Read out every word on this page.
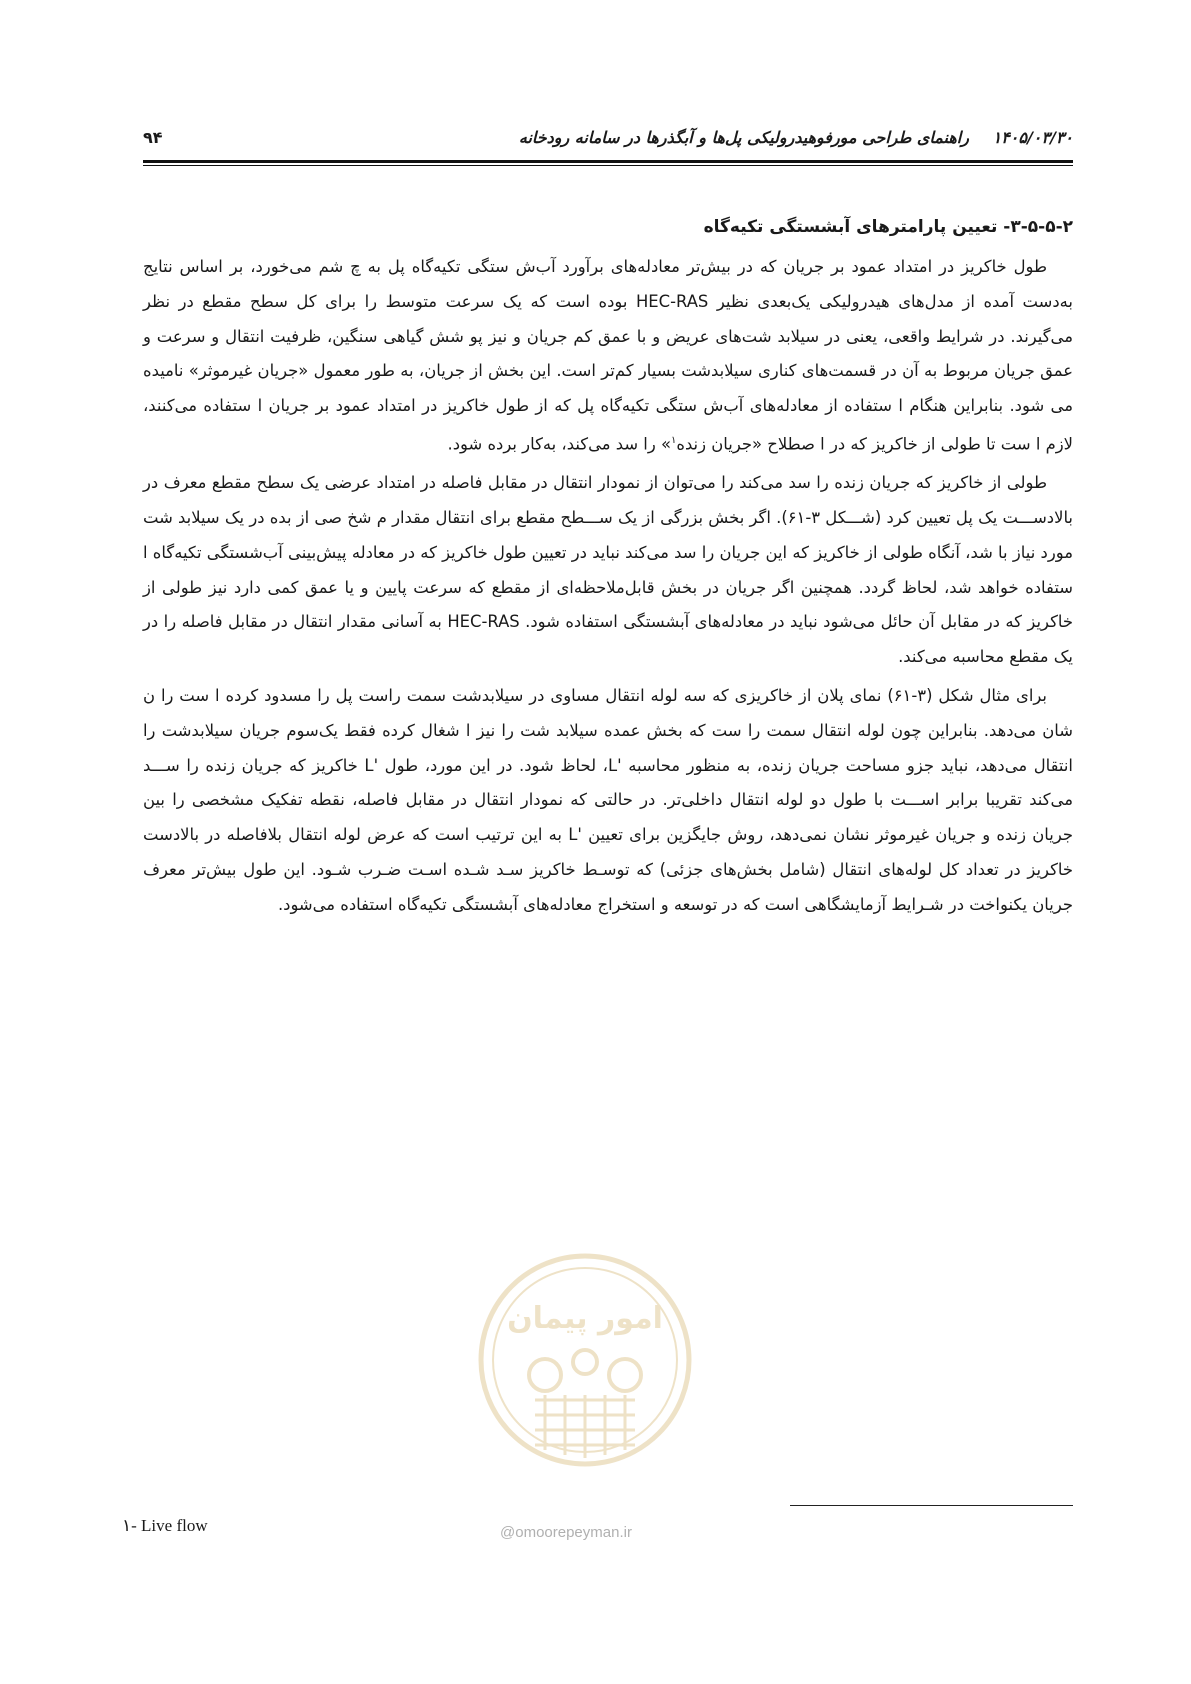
۱۴۰۵/۰۳/۳۰ راهنمای طراحی مورفوهیدرولیکی پل‌ها و آبگذرها در سامانه رودخانه
۹۴
۳-۵-۵-۲- تعیین پارامترهای آبشستگی تکیه‌گاه

طول خاکریز در امتداد عمود بر جریان که در بیش‌تر معادله‌های برآورد آب‌ش ستگی تکیه‌گاه پل به چ شم می‌خورد، بر اساس نتایج به‌دست آمده از مدل‌های هیدرولیکی یک‌بعدی نظیر HEC-RAS بوده است که یک سرعت متوسط را برای کل سطح مقطع در نظر می‌گیرند. در شرایط واقعی، یعنی در سیلابد شت‌های عریض و با عمق کم جریان و نیز پو شش گیاهی سنگین، ظرفیت انتقال و سرعت و عمق جریان مربوط به آن در قسمت‌های کناری سیلابدشت بسیار کم‌تر است. این بخش از جریان، به طور معمول «جریان غیرموثر» نامیده می شود. بنابراین هنگام ا ستفاده از معادله‌های آب‌ش ستگی تکیه‌گاه پل که از طول خاکریز در امتداد عمود بر جریان ا ستفاده می‌کنند، لازم ا ست تا طولی از خاکریز که در ا صطلاح «جریان زنده$^۱$» را سد می‌کند، به‌کار برده شود.

طولی از خاکریز که جریان زنده را سد می‌کند را می‌توان از نمودار انتقال در مقابل فاصله در امتداد عرضی یک سطح مقطع معرف در بالادســـت یک پل تعیین کرد (شـــکل ۳-۶۱). اگر بخش بزرگی از یک ســـطح مقطع برای انتقال مقدار م شخ صی از بده در یک سیلابد شت مورد نیاز با شد، آنگاه طولی از خاکریز که این جریان را سد می‌کند نباید در تعیین طول خاکریز که در معادله پیش‌بینی آب‌شستگی تکیه‌گاه ا ستفاده خواهد شد، لحاظ گردد. همچنین اگر جریان در بخش قابل‌ملاحظه‌ای از مقطع که سرعت پایین و یا عمق کمی دارد نیز طولی از خاکریز که در مقابل آن حائل می‌شود نباید در معادله‌های آبشستگی استفاده شود. HEC-RAS به آسانی مقدار انتقال در مقابل فاصله را در یک مقطع محاسبه می‌کند.

برای مثال شکل (۳-۶۱) نمای پلان از خاکریزی که سه لوله انتقال مساوی در سیلابدشت سمت راست پل را مسدود کرده ا ست را ن شان می‌دهد. بنابراین چون لوله انتقال سمت را ست که بخش عمده سیلابد شت را نیز ا شغال کرده فقط یک‌سوم جریان سیلابدشت را انتقال می‌دهد، نباید جزو مساحت جریان زنده، به منظور محاسبه 'L، لحاظ شود. در این مورد، طول 'L خاکریز که جریان زنده را ســـد می‌کند تقریبا برابر اســـت با طول دو لوله انتقال داخلی‌تر. در حالتی که نمودار انتقال در مقابل فاصله، نقطه تفکیک مشخصی را بین جریان زنده و جریان غیرموثر نشان نمی‌دهد، روش جایگزین برای تعیین 'L به این ترتیب است که عرض لوله انتقال بلافاصله در بالادست خاکریز در تعداد کل لوله‌های انتقال (شامل بخش‌های جزئی) که توسـط خاکریز سـد شـده اسـت ضـرب شـود. این طول بیش‌تر معرف جریان یکنواخت در شـرایط آزمایشگاهی است که در توسعه و استخراج معادله‌های آبشستگی تکیه‌گاه استفاده می‌شود.

امور پیمان
@omoorepeyman.ir
۱- Live flow
